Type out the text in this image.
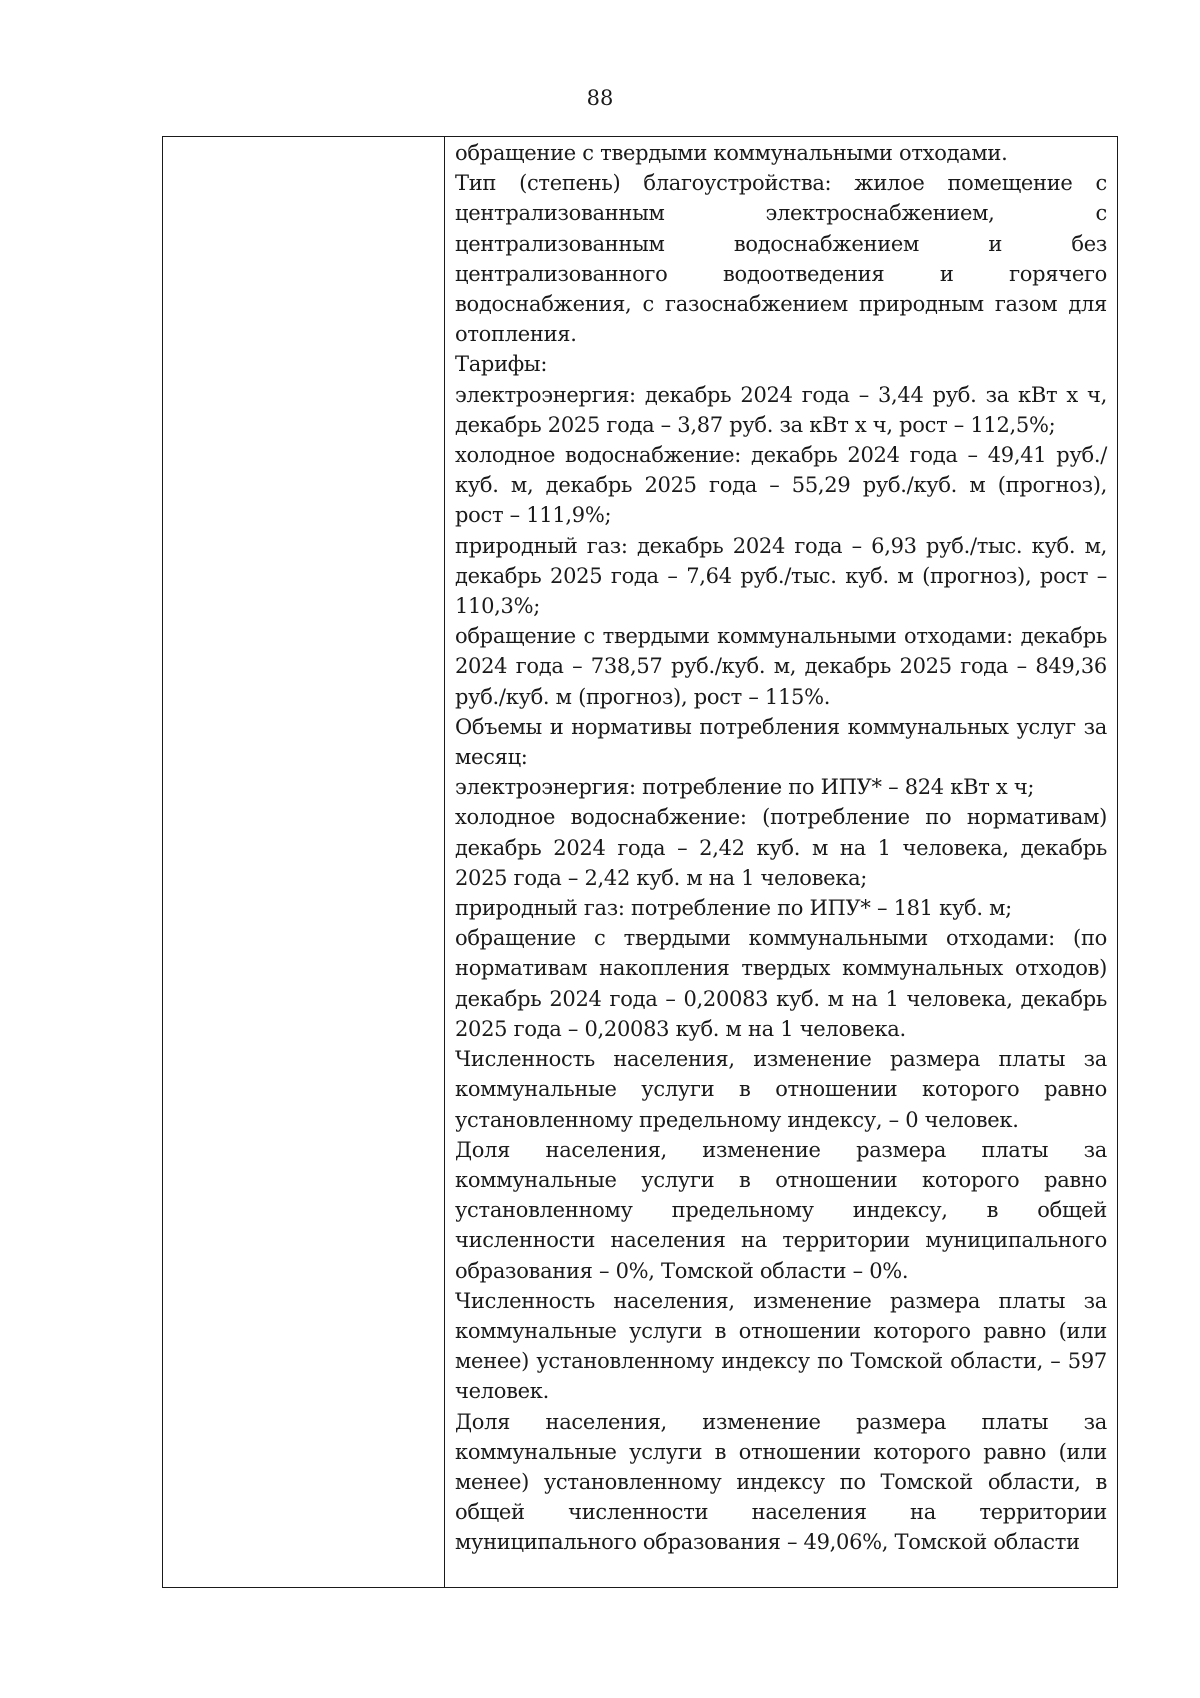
88

обращение с твердыми коммунальными отходами.

Тип (степень) благоустройства: жилое помещение с централизованным электроснабжением, с централизованным водоснабжением и без централизованного водоотведения и горячего водоснабжения, с газоснабжением природным газом для отопления.

Тарифы:

электроэнергия: декабрь 2024 года – 3,44 руб. за кВт х ч, декабрь 2025 года – 3,87 руб. за кВт х ч, рост – 112,5%;

холодное водоснабжение: декабрь 2024 года – 49,41 руб./куб. м, декабрь 2025 года – 55,29 руб./куб. м (прогноз), рост – 111,9%;

природный газ: декабрь 2024 года – 6,93 руб./тыс. куб. м, декабрь 2025 года – 7,64 руб./тыс. куб. м (прогноз), рост – 110,3%;

обращение с твердыми коммунальными отходами: декабрь 2024 года – 738,57 руб./куб. м, декабрь 2025 года – 849,36 руб./куб. м (прогноз), рост – 115%.

Объемы и нормативы потребления коммунальных услуг за месяц:

электроэнергия: потребление по ИПУ* – 824 кВт х ч;

холодное водоснабжение: (потребление по нормативам) декабрь 2024 года – 2,42 куб. м на 1 человека, декабрь 2025 года – 2,42 куб. м на 1 человека;

природный газ: потребление по ИПУ* – 181 куб. м;

обращение с твердыми коммунальными отходами: (по нормативам накопления твердых коммунальных отходов) декабрь 2024 года – 0,20083 куб. м на 1 человека, декабрь 2025 года – 0,20083 куб. м на 1 человека.

Численность населения, изменение размера платы за коммунальные услуги в отношении которого равно установленному предельному индексу, – 0 человек.

Доля населения, изменение размера платы за коммунальные услуги в отношении которого равно установленному предельному индексу, в общей численности населения на территории муниципального образования – 0%, Томской области – 0%.

Численность населения, изменение размера платы за коммунальные услуги в отношении которого равно (или менее) установленному индексу по Томской области, – 597 человек.

Доля населения, изменение размера платы за коммунальные услуги в отношении которого равно (или менее) установленному индексу по Томской области, в общей численности населения на территории муниципального образования – 49,06%, Томской области
